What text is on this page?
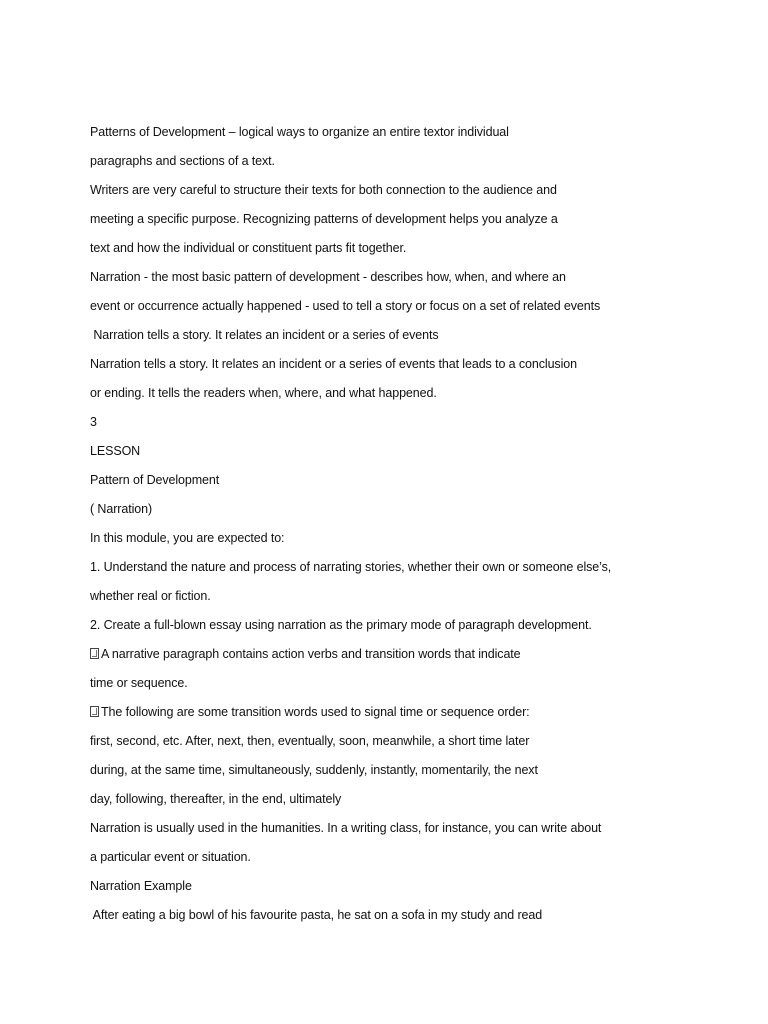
Patterns of Development – logical ways to organize an entire textor individual
paragraphs and sections of a text.
Writers are very careful to structure their texts for both connection to the audience and
meeting a specific purpose. Recognizing patterns of development helps you analyze a
text and how the individual or constituent parts fit together.
Narration - the most basic pattern of development - describes how, when, and where an
event or occurrence actually happened - used to tell a story or focus on a set of related events
Narration tells a story. It relates an incident or a series of events
Narration tells a story. It relates an incident or a series of events that leads to a conclusion
or ending. It tells the readers when, where, and what happened.
3
LESSON
Pattern of Development
( Narration)
In this module, you are expected to:
1. Understand the nature and process of narrating stories, whether their own or someone else’s,
whether real or fiction.
2. Create a full-blown essay using narration as the primary mode of paragraph development.
A narrative paragraph contains action verbs and transition words that indicate
time or sequence.
The following are some transition words used to signal time or sequence order:
first, second, etc. After, next, then, eventually, soon, meanwhile, a short time later
during, at the same time, simultaneously, suddenly, instantly, momentarily, the next
day, following, thereafter, in the end, ultimately
Narration is usually used in the humanities. In a writing class, for instance, you can write about
a particular event or situation.
Narration Example
After eating a big bowl of his favourite pasta, he sat on a sofa in my study and read
